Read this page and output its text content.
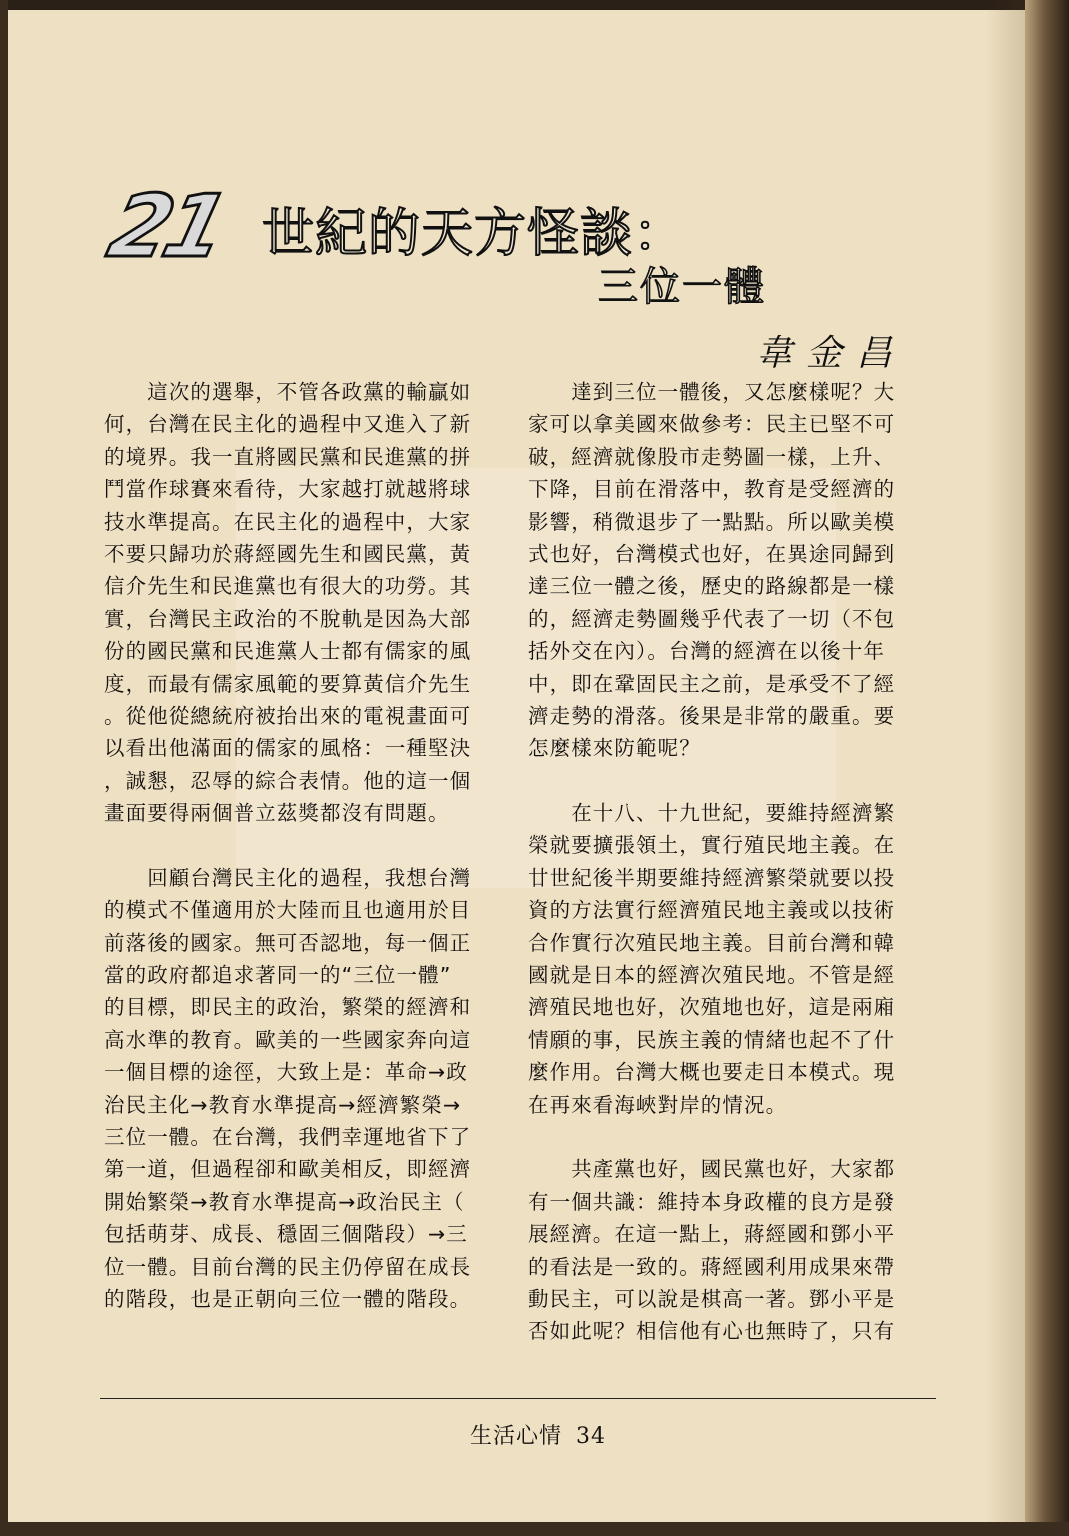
21 世紀的天方怪談：
三位一體
韋金昌
　　這次的選舉，不管各政黨的輸贏如
何，台灣在民主化的過程中又進入了新
的境界。我一直將國民黨和民進黨的拼
鬥當作球賽來看待，大家越打就越將球
技水準提高。在民主化的過程中，大家
不要只歸功於蔣經國先生和國民黨，黃
信介先生和民進黨也有很大的功勞。其
實，台灣民主政治的不脫軌是因為大部
份的國民黨和民進黨人士都有儒家的風
度，而最有儒家風範的要算黃信介先生
。從他從總統府被抬出來的電視畫面可
以看出他滿面的儒家的風格：一種堅決
，誠懇，忍辱的綜合表情。他的這一個
畫面要得兩個普立茲獎都沒有問題。
　　回顧台灣民主化的過程，我想台灣
的模式不僅適用於大陸而且也適用於目
前落後的國家。無可否認地，每一個正
當的政府都追求著同一的“三位一體”
的目標，即民主的政治，繁榮的經濟和
高水準的教育。歐美的一些國家奔向這
一個目標的途徑，大致上是：革命→政
治民主化→教育水準提高→經濟繁榮→
三位一體。在台灣，我們幸運地省下了
第一道，但過程卻和歐美相反，即經濟
開始繁榮→教育水準提高→政治民主（
包括萌芽、成長、穩固三個階段）→三
位一體。目前台灣的民主仍停留在成長
的階段，也是正朝向三位一體的階段。
　　達到三位一體後，又怎麼樣呢？大
家可以拿美國來做參考：民主已堅不可
破，經濟就像股市走勢圖一樣，上升、
下降，目前在滑落中，教育是受經濟的
影響，稍微退步了一點點。所以歐美模
式也好，台灣模式也好，在異途同歸到
達三位一體之後，歷史的路線都是一樣
的，經濟走勢圖幾乎代表了一切（不包
括外交在內）。台灣的經濟在以後十年
中，即在鞏固民主之前，是承受不了經
濟走勢的滑落。後果是非常的嚴重。要
怎麼樣來防範呢？
　　在十八、十九世紀，要維持經濟繁
榮就要擴張領土，實行殖民地主義。在
廿世紀後半期要維持經濟繁榮就要以投
資的方法實行經濟殖民地主義或以技術
合作實行次殖民地主義。目前台灣和韓
國就是日本的經濟次殖民地。不管是經
濟殖民地也好，次殖地也好，這是兩廂
情願的事，民族主義的情緒也起不了什
麼作用。台灣大概也要走日本模式。現
在再來看海峽對岸的情況。
　　共產黨也好，國民黨也好，大家都
有一個共識：維持本身政權的良方是發
展經濟。在這一點上，蔣經國和鄧小平
的看法是一致的。蔣經國利用成果來帶
動民主，可以說是棋高一著。鄧小平是
否如此呢？相信他有心也無時了，只有
生活心情 34
